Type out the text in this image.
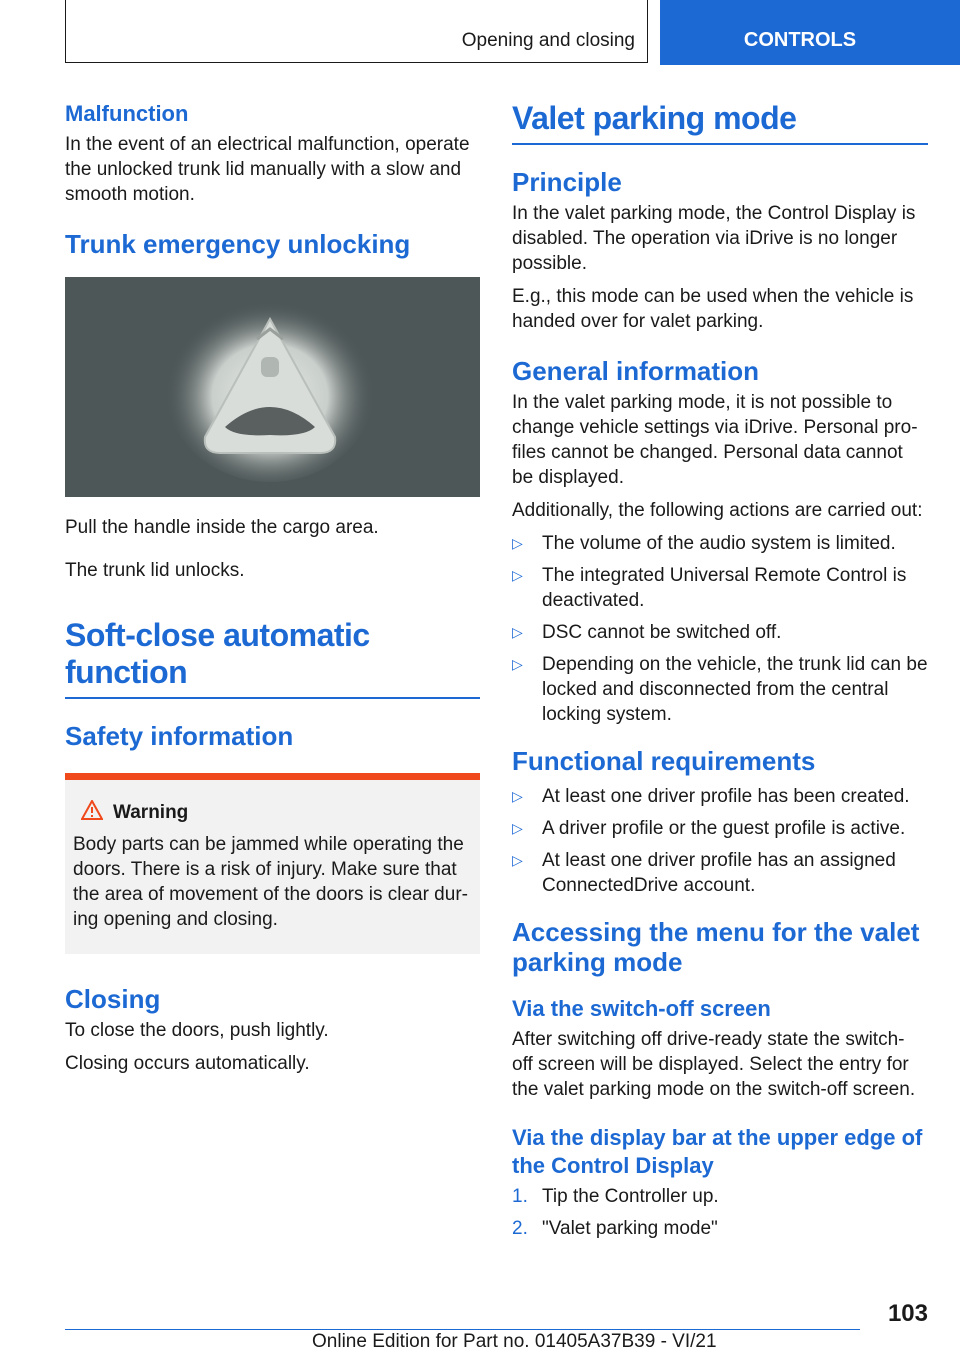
Opening and closing	CONTROLS
Malfunction

In the event of an electrical malfunction, operate the unlocked trunk lid manually with a slow and smooth motion.

Trunk emergency unlocking

Pull the handle inside the cargo area.

The trunk lid unlocks.

Soft-close automatic function
Safety information
Warning

Body parts can be jammed while operating the doors. There is a risk of injury. Make sure that the area of movement of the doors is clear dur‐ ing opening and closing.

Closing

To close the doors, push lightly.

Closing occurs automatically.

Valet parking mode
Principle

In the valet parking mode, the Control Display is disabled. The operation via iDrive is no longer possible.

E.g., this mode can be used when the vehicle is handed over for valet parking.

General information

In the valet parking mode, it is not possible to change vehicle settings via iDrive. Personal pro‐ files cannot be changed. Personal data cannot be displayed.

Additionally, the following actions are carried out:

▷ The volume of the audio system is limited.
▷ The integrated Universal Remote Control is deactivated.
▷ DSC cannot be switched off.
▷ Depending on the vehicle, the trunk lid can be locked and disconnected from the central locking system.
Functional requirements
▷ At least one driver profile has been created.
▷ A driver profile or the guest profile is active.
▷ At least one driver profile has an assigned ConnectedDrive account.
Accessing the menu for the valet parking mode
Via the switch-off screen

After switching off drive-ready state the switch- off screen will be displayed. Select the entry for the valet parking mode on the switch-off screen.

Via the display bar at the upper edge of the Control Display
1. Tip the Controller up.
2. "Valet parking mode"
103
Online Edition for Part no. 01405A37B39 - VI/21
